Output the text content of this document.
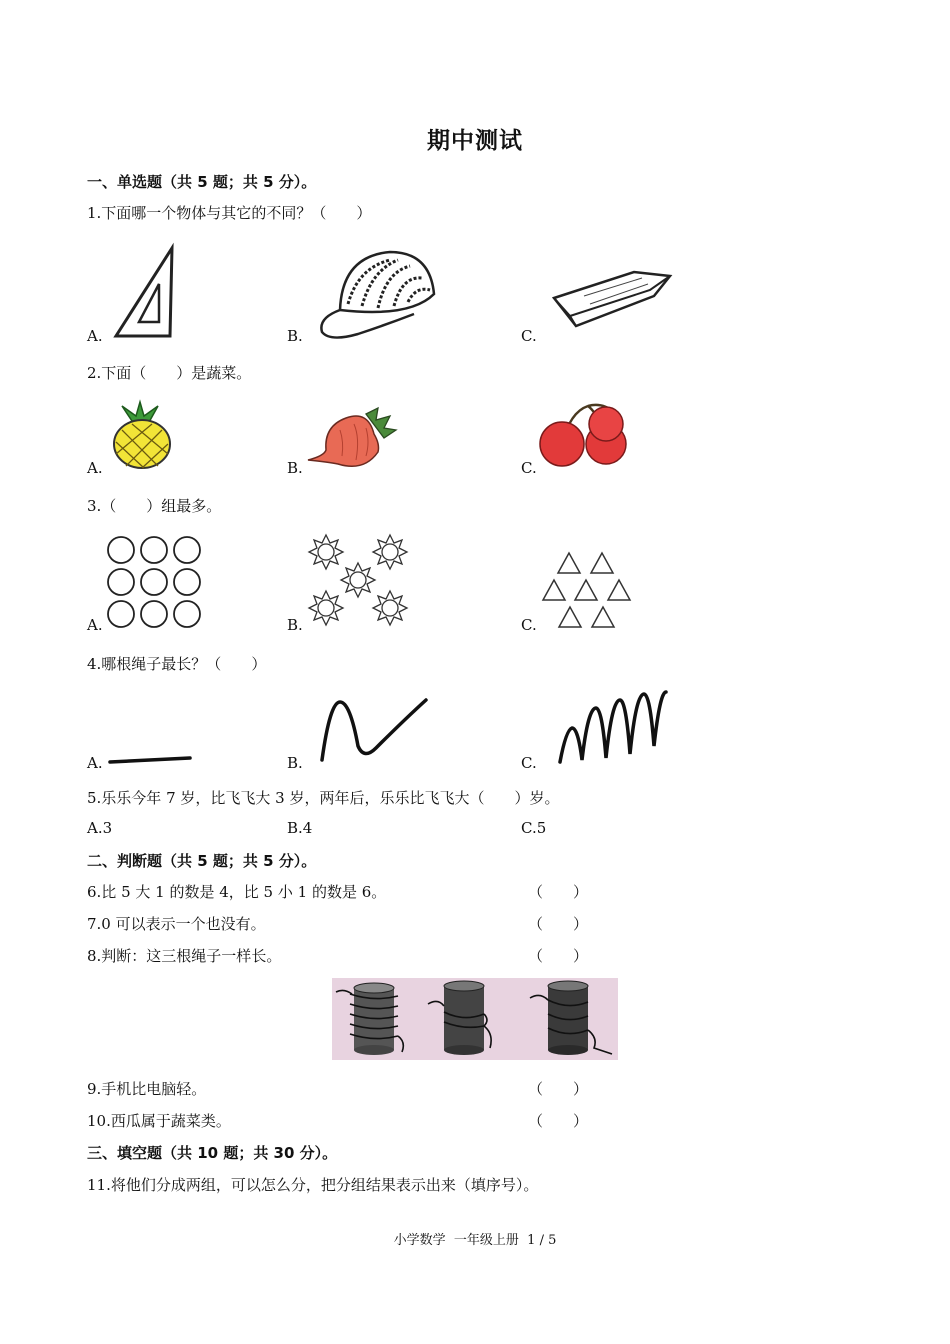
期中测试
一、单选题（共 5 题；共 5 分）。
1.下面哪一个物体与其它的不同？（　　）
A.	B.	C.
2.下面（　　）是蔬菜。
A.	B.	C.
3.（　　）组最多。
A.	B.	C.
4.哪根绳子最长？（　　）
A.	B.	C.
5.乐乐今年 7 岁，比飞飞大 3 岁，两年后，乐乐比飞飞大（　　）岁。
A.3	B.4	C.5
二、判断题（共 5 题；共 5 分）。
6.比 5 大 1 的数是 4，比 5 小 1 的数是 6。	（　　）
7.0 可以表示一个也没有。	（　　）
8.判断：这三根绳子一样长。	（　　）
9.手机比电脑轻。	（　　）
10.西瓜属于蔬菜类。	（　　）
三、填空题（共 10 题；共 30 分）。
11.将他们分成两组，可以怎么分，把分组结果表示出来（填序号）。
小学数学  一年级上册  1 / 5
